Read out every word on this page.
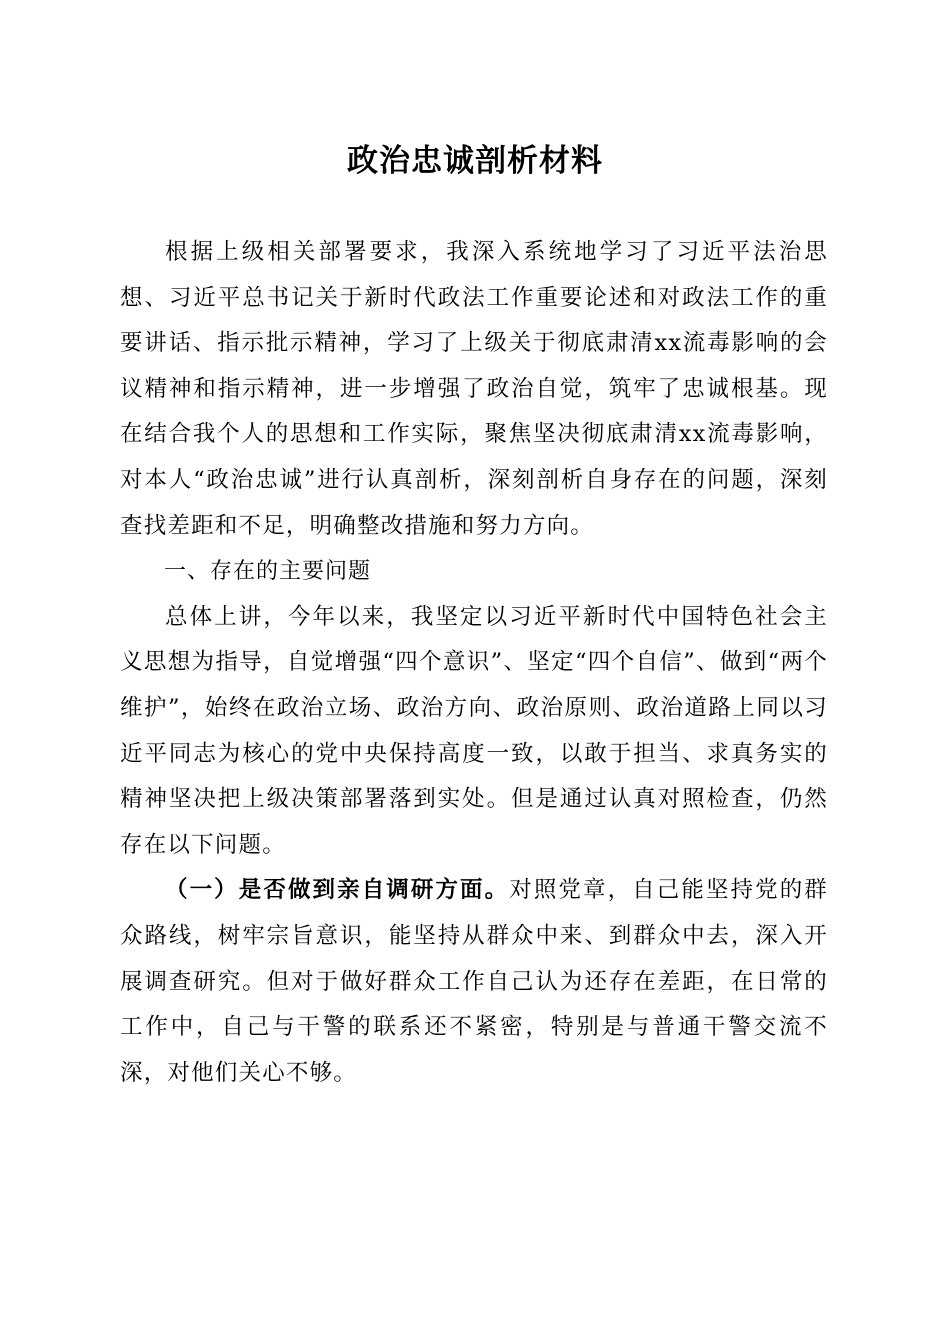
政治忠诚剖析材料

根据上级相关部署要求，我深入系统地学习了习近平法治思想、习近平总书记关于新时代政法工作重要论述和对政法工作的重要讲话、指示批示精神，学习了上级关于彻底肃清xx流毒影响的会议精神和指示精神，进一步增强了政治自觉，筑牢了忠诚根基。现在结合我个人的思想和工作实际，聚焦坚决彻底肃清xx流毒影响，对本人“政治忠诚”进行认真剖析，深刻剖析自身存在的问题，深刻查找差距和不足，明确整改措施和努力方向。

一、存在的主要问题

总体上讲，今年以来，我坚定以习近平新时代中国特色社会主义思想为指导，自觉增强“四个意识”、坚定“四个自信”、做到“两个维护”，始终在政治立场、政治方向、政治原则、政治道路上同以习近平同志为核心的党中央保持高度一致，以敢于担当、求真务实的精神坚决把上级决策部署落到实处。但是通过认真对照检查，仍然存在以下问题。

（一）是否做到亲自调研方面。对照党章，自己能坚持党的群众路线，树牢宗旨意识，能坚持从群众中来、到群众中去，深入开展调查研究。但对于做好群众工作自己认为还存在差距，在日常的工作中，自己与干警的联系还不紧密，特别是与普通干警交流不深，对他们关心不够。
